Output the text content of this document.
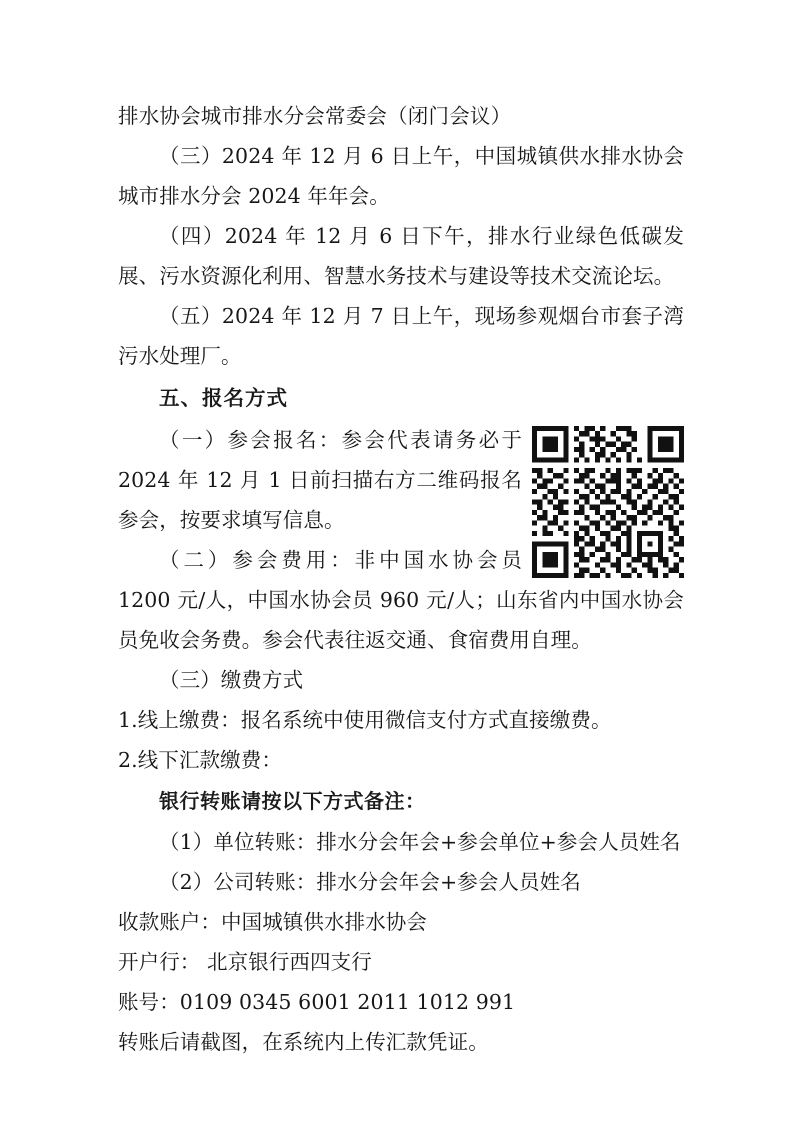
排水协会城市排水分会常委会（闭门会议）
（三）2024 年 12 月 6 日上午，中国城镇供水排水协会城市排水分会 2024 年年会。
（四）2024 年 12 月 6 日下午，排水行业绿色低碳发展、污水资源化利用、智慧水务技术与建设等技术交流论坛。
（五）2024 年 12 月 7 日上午，现场参观烟台市套子湾污水处理厂。
五、报名方式
（一）参会报名：参会代表请务必于 2024 年 12 月 1 日前扫描右方二维码报名参会，按要求填写信息。
（二）参会费用：非中国水协会员 1200 元/人，中国水协会员 960 元/人；山东省内中国水协会员免收会务费。参会代表往返交通、食宿费用自理。
（三）缴费方式
1.线上缴费：报名系统中使用微信支付方式直接缴费。
2.线下汇款缴费：
银行转账请按以下方式备注：
（1）单位转账：排水分会年会+参会单位+参会人员姓名
（2）公司转账：排水分会年会+参会人员姓名
收款账户：中国城镇供水排水协会
开户行： 北京银行西四支行
账号：0109 0345 6001 2011 1012 991
转账后请截图，在系统内上传汇款凭证。
